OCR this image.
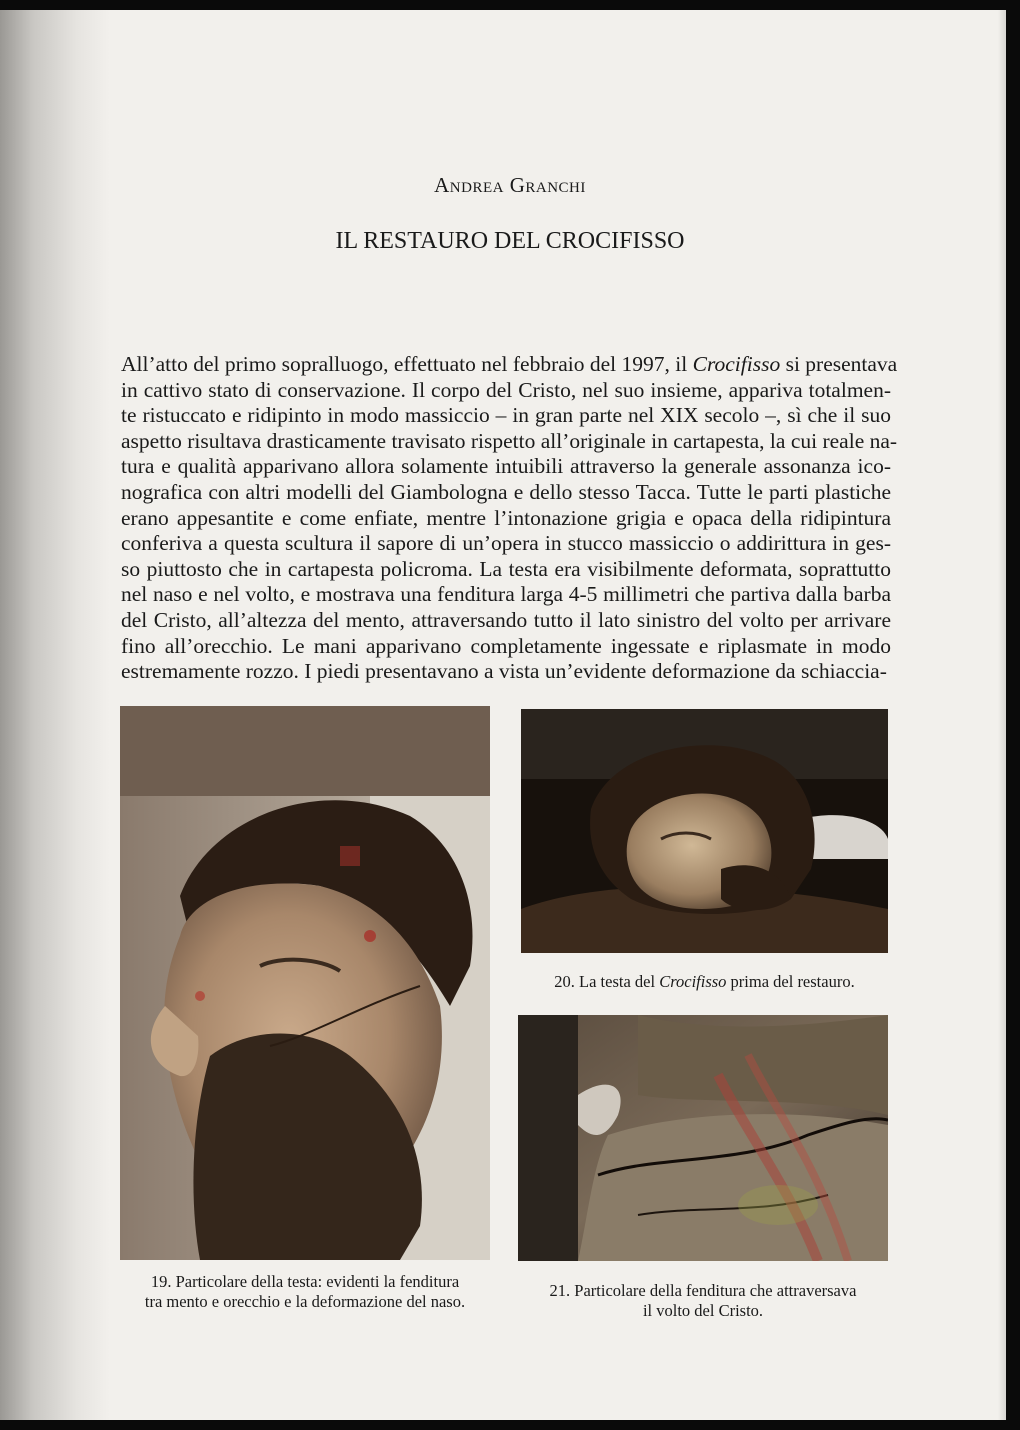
Andrea Granchi
IL RESTAURO DEL CROCIFISSO
All’atto del primo sopralluogo, effettuato nel febbraio del 1997, il Crocifisso si presentava
in cattivo stato di conservazione. Il corpo del Cristo, nel suo insieme, appariva totalmen-
te ristuccato e ridipinto in modo massiccio – in gran parte nel XIX secolo –, sì che il suo
aspetto risultava drasticamente travisato rispetto all’originale in cartapesta, la cui reale na-
tura e qualità apparivano allora solamente intuibili attraverso la generale assonanza ico-
nografica con altri modelli del Giambologna e dello stesso Tacca. Tutte le parti plastiche
erano appesantite e come enfiate, mentre l’intonazione grigia e opaca della ridipintura
conferiva a questa scultura il sapore di un’opera in stucco massiccio o addirittura in ges-
so piuttosto che in cartapesta policroma. La testa era visibilmente deformata, soprattutto
nel naso e nel volto, e mostrava una fenditura larga 4-5 millimetri che partiva dalla barba
del Cristo, all’altezza del mento, attraversando tutto il lato sinistro del volto per arrivare
fino all’orecchio. Le mani apparivano completamente ingessate e riplasmate in modo
estremamente rozzo. I piedi presentavano a vista un’evidente deformazione da schiaccia-
19. Particolare della testa: evidenti la fenditura
tra mento e orecchio e la deformazione del naso.
20. La testa del Crocifisso prima del restauro.
21. Particolare della fenditura che attraversava
il volto del Cristo.
